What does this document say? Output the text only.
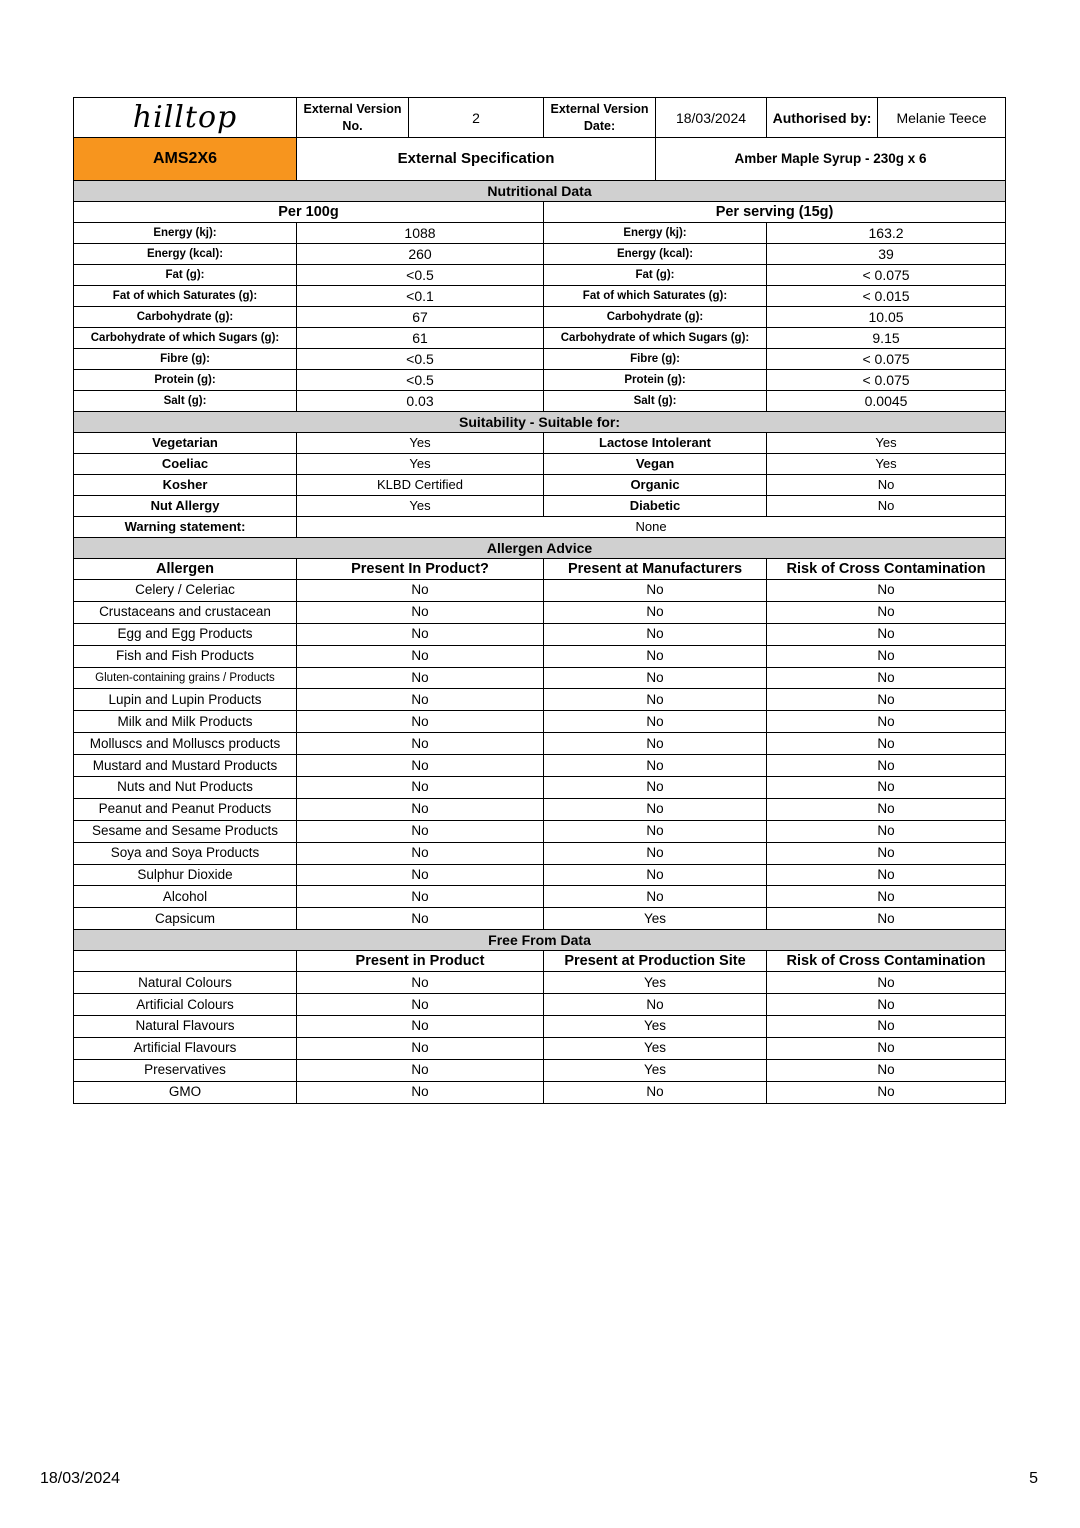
hilltop	External Version No.	2	External Version Date:	18/03/2024	Authorised by:	Melanie Teece
AMS2X6	External Specification	Amber Maple Syrup - 230g x 6
Nutritional Data			
Per 100g		Per serving (15g)	
Energy (kj):	1088	Energy (kj):	163.2
Energy (kcal):	260	Energy (kcal):	39
Fat (g):	<0.5	Fat (g):	< 0.075
Fat of which Saturates (g):	<0.1	Fat of which Saturates (g):	< 0.015
Carbohydrate (g):	67	Carbohydrate (g):	10.05
Carbohydrate of which Sugars (g):	61	Carbohydrate of which Sugars (g):	9.15
Fibre (g):	<0.5	Fibre (g):	< 0.075
Protein (g):	<0.5	Protein (g):	< 0.075
Salt (g):	0.03	Salt (g):	0.0045
Suitability - Suitable for:			
Vegetarian	Yes	Lactose Intolerant	Yes
Coeliac	Yes	Vegan	Yes
Kosher	KLBD Certified	Organic	No
Nut Allergy	Yes	Diabetic	No
Warning statement:	None		
Allergen Advice			
Allergen	Present In Product?	Present at Manufacturers	Risk of Cross Contamination
Celery / Celeriac	No	No	No
Crustaceans and crustacean	No	No	No
Egg and Egg Products	No	No	No
Fish and Fish Products	No	No	No
Gluten-containing grains / Products	No	No	No
Lupin and Lupin Products	No	No	No
Milk and Milk Products	No	No	No
Molluscs and Molluscs products	No	No	No
Mustard and Mustard Products	No	No	No
Nuts and Nut Products	No	No	No
Peanut and Peanut Products	No	No	No
Sesame and Sesame Products	No	No	No
Soya and Soya Products	No	No	No
Sulphur Dioxide	No	No	No
Alcohol	No	No	No
Capsicum	No	Yes	No
Free From Data			
	Present in Product	Present at Production Site	Risk of Cross Contamination
Natural Colours	No	Yes	No
Artificial Colours	No	No	No
Natural Flavours	No	Yes	No
Artificial Flavours	No	Yes	No
Preservatives	No	Yes	No
GMO	No	No	No
18/03/2024	5
